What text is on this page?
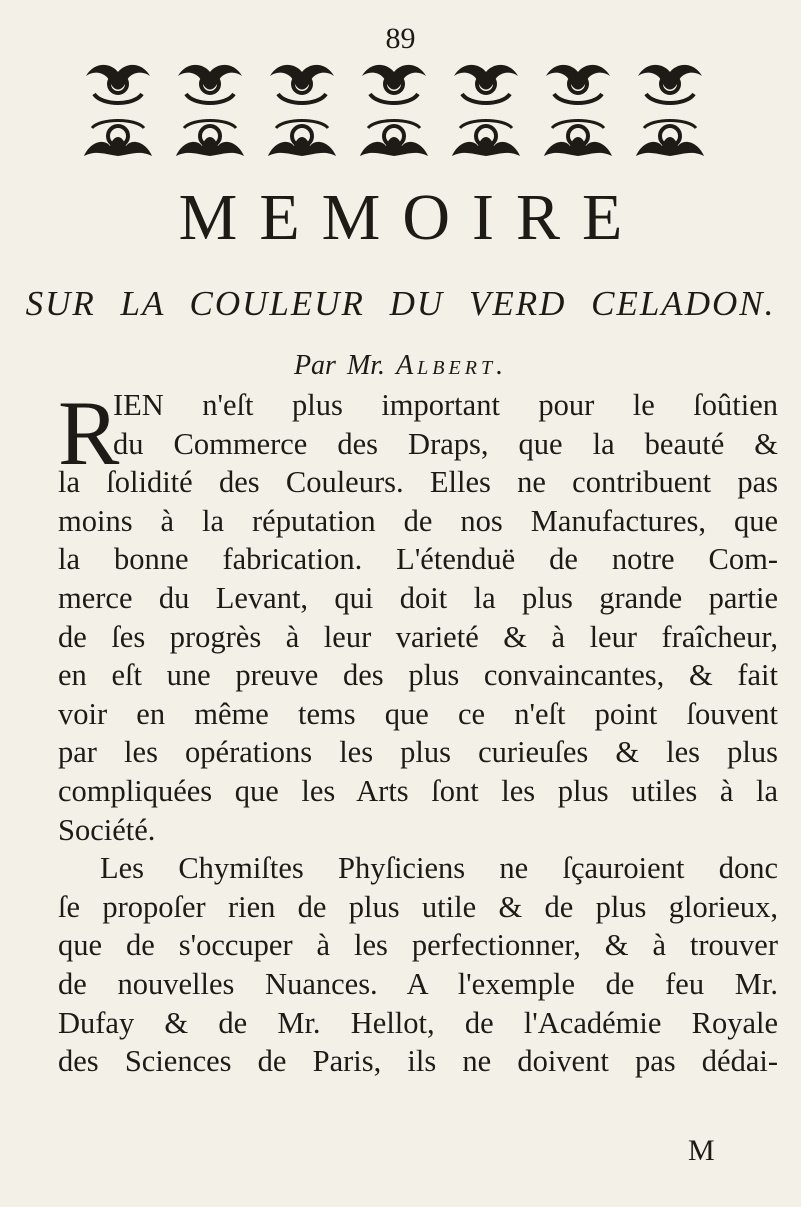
89
MEMOIRE
SUR LA COULEUR DU VERD CELADON.
Par Mr. Albert.
R
IEN n'eſt plus important pour le ſoûtien
du Commerce des Draps, que la beauté &
la ſolidité des Couleurs. Elles ne contribuent pas
moins à la réputation de nos Manufactures, que
la bonne fabrication. L'étenduë de notre Com-
merce du Levant, qui doit la plus grande partie
de ſes progrès à leur varieté & à leur fraîcheur,
en eſt une preuve des plus convaincantes, & fait
voir en même tems que ce n'eſt point ſouvent
par les opérations les plus curieuſes & les plus
compliquées que les Arts ſont les plus utiles à la
Société.
Les Chymiſtes Phyſiciens ne ſçauroient donc
ſe propoſer rien de plus utile & de plus glorieux,
que de s'occuper à les perfectionner, & à trouver
de nouvelles Nuances. A l'exemple de feu Mr.
Dufay & de Mr. Hellot, de l'Académie Royale
des Sciences de Paris, ils ne doivent pas dédai-
M
